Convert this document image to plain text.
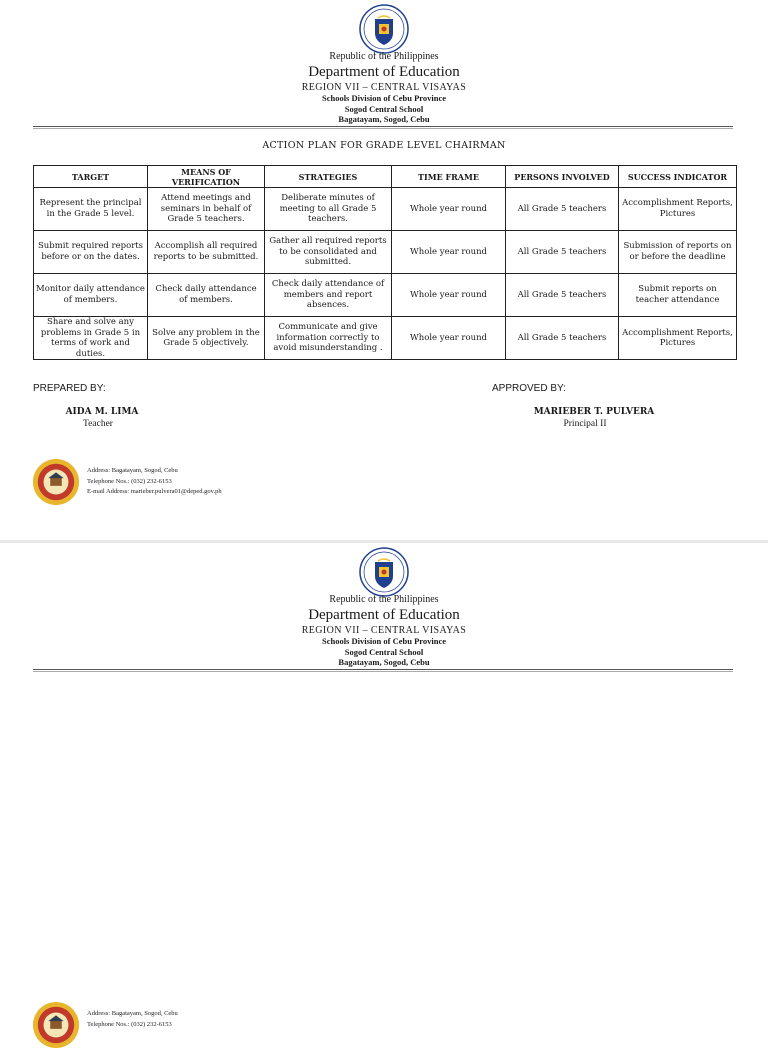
Republic of the Philippines
Department of Education
REGION VII – CENTRAL VISAYAS
Schools Division of Cebu Province
Sogod Central School
Bagatayam, Sogod, Cebu
ACTION PLAN FOR GRADE LEVEL CHAIRMAN
TARGET	MEANS OF VERIFICATION	STRATEGIES	TIME FRAME	PERSONS INVOLVED	SUCCESS INDICATOR
Represent the principal in the Grade 5 level.	Attend meetings and seminars in behalf of Grade 5 teachers.	Deliberate minutes of meeting to all Grade 5 teachers.	Whole year round	All Grade 5 teachers	Accomplishment Reports, Pictures
Submit required reports before or on the dates.	Accomplish all required reports to be submitted.	Gather all required reports to be consolidated and submitted.	Whole year round	All Grade 5 teachers	Submission of reports on or before the deadline
Monitor daily attendance of members.	Check daily attendance of members.	Check daily attendance of members and report absences.	Whole year round	All Grade 5 teachers	Submit reports on teacher attendance
Share and solve any problems in Grade 5 in terms of work and duties.	Solve any problem in the Grade 5 objectively.	Communicate and give information correctly to avoid misunderstanding .	Whole year round	All Grade 5 teachers	Accomplishment Reports, Pictures
PREPARED BY:
AIDA M. LIMA
Teacher
APPROVED BY:
MARIEBER T. PULVERA
Principal II
Address: Bagatayam, Sogod, Cebu
Telephone Nos.: (032) 232-6153
E-mail Address: marieber.pulvera01@deped.gov.ph
Republic of the Philippines
Department of Education
REGION VII – CENTRAL VISAYAS
Schools Division of Cebu Province
Sogod Central School
Bagatayam, Sogod, Cebu
Address: Bagatayam, Sogod, Cebu
Telephone Nos.: (032) 232-6153
